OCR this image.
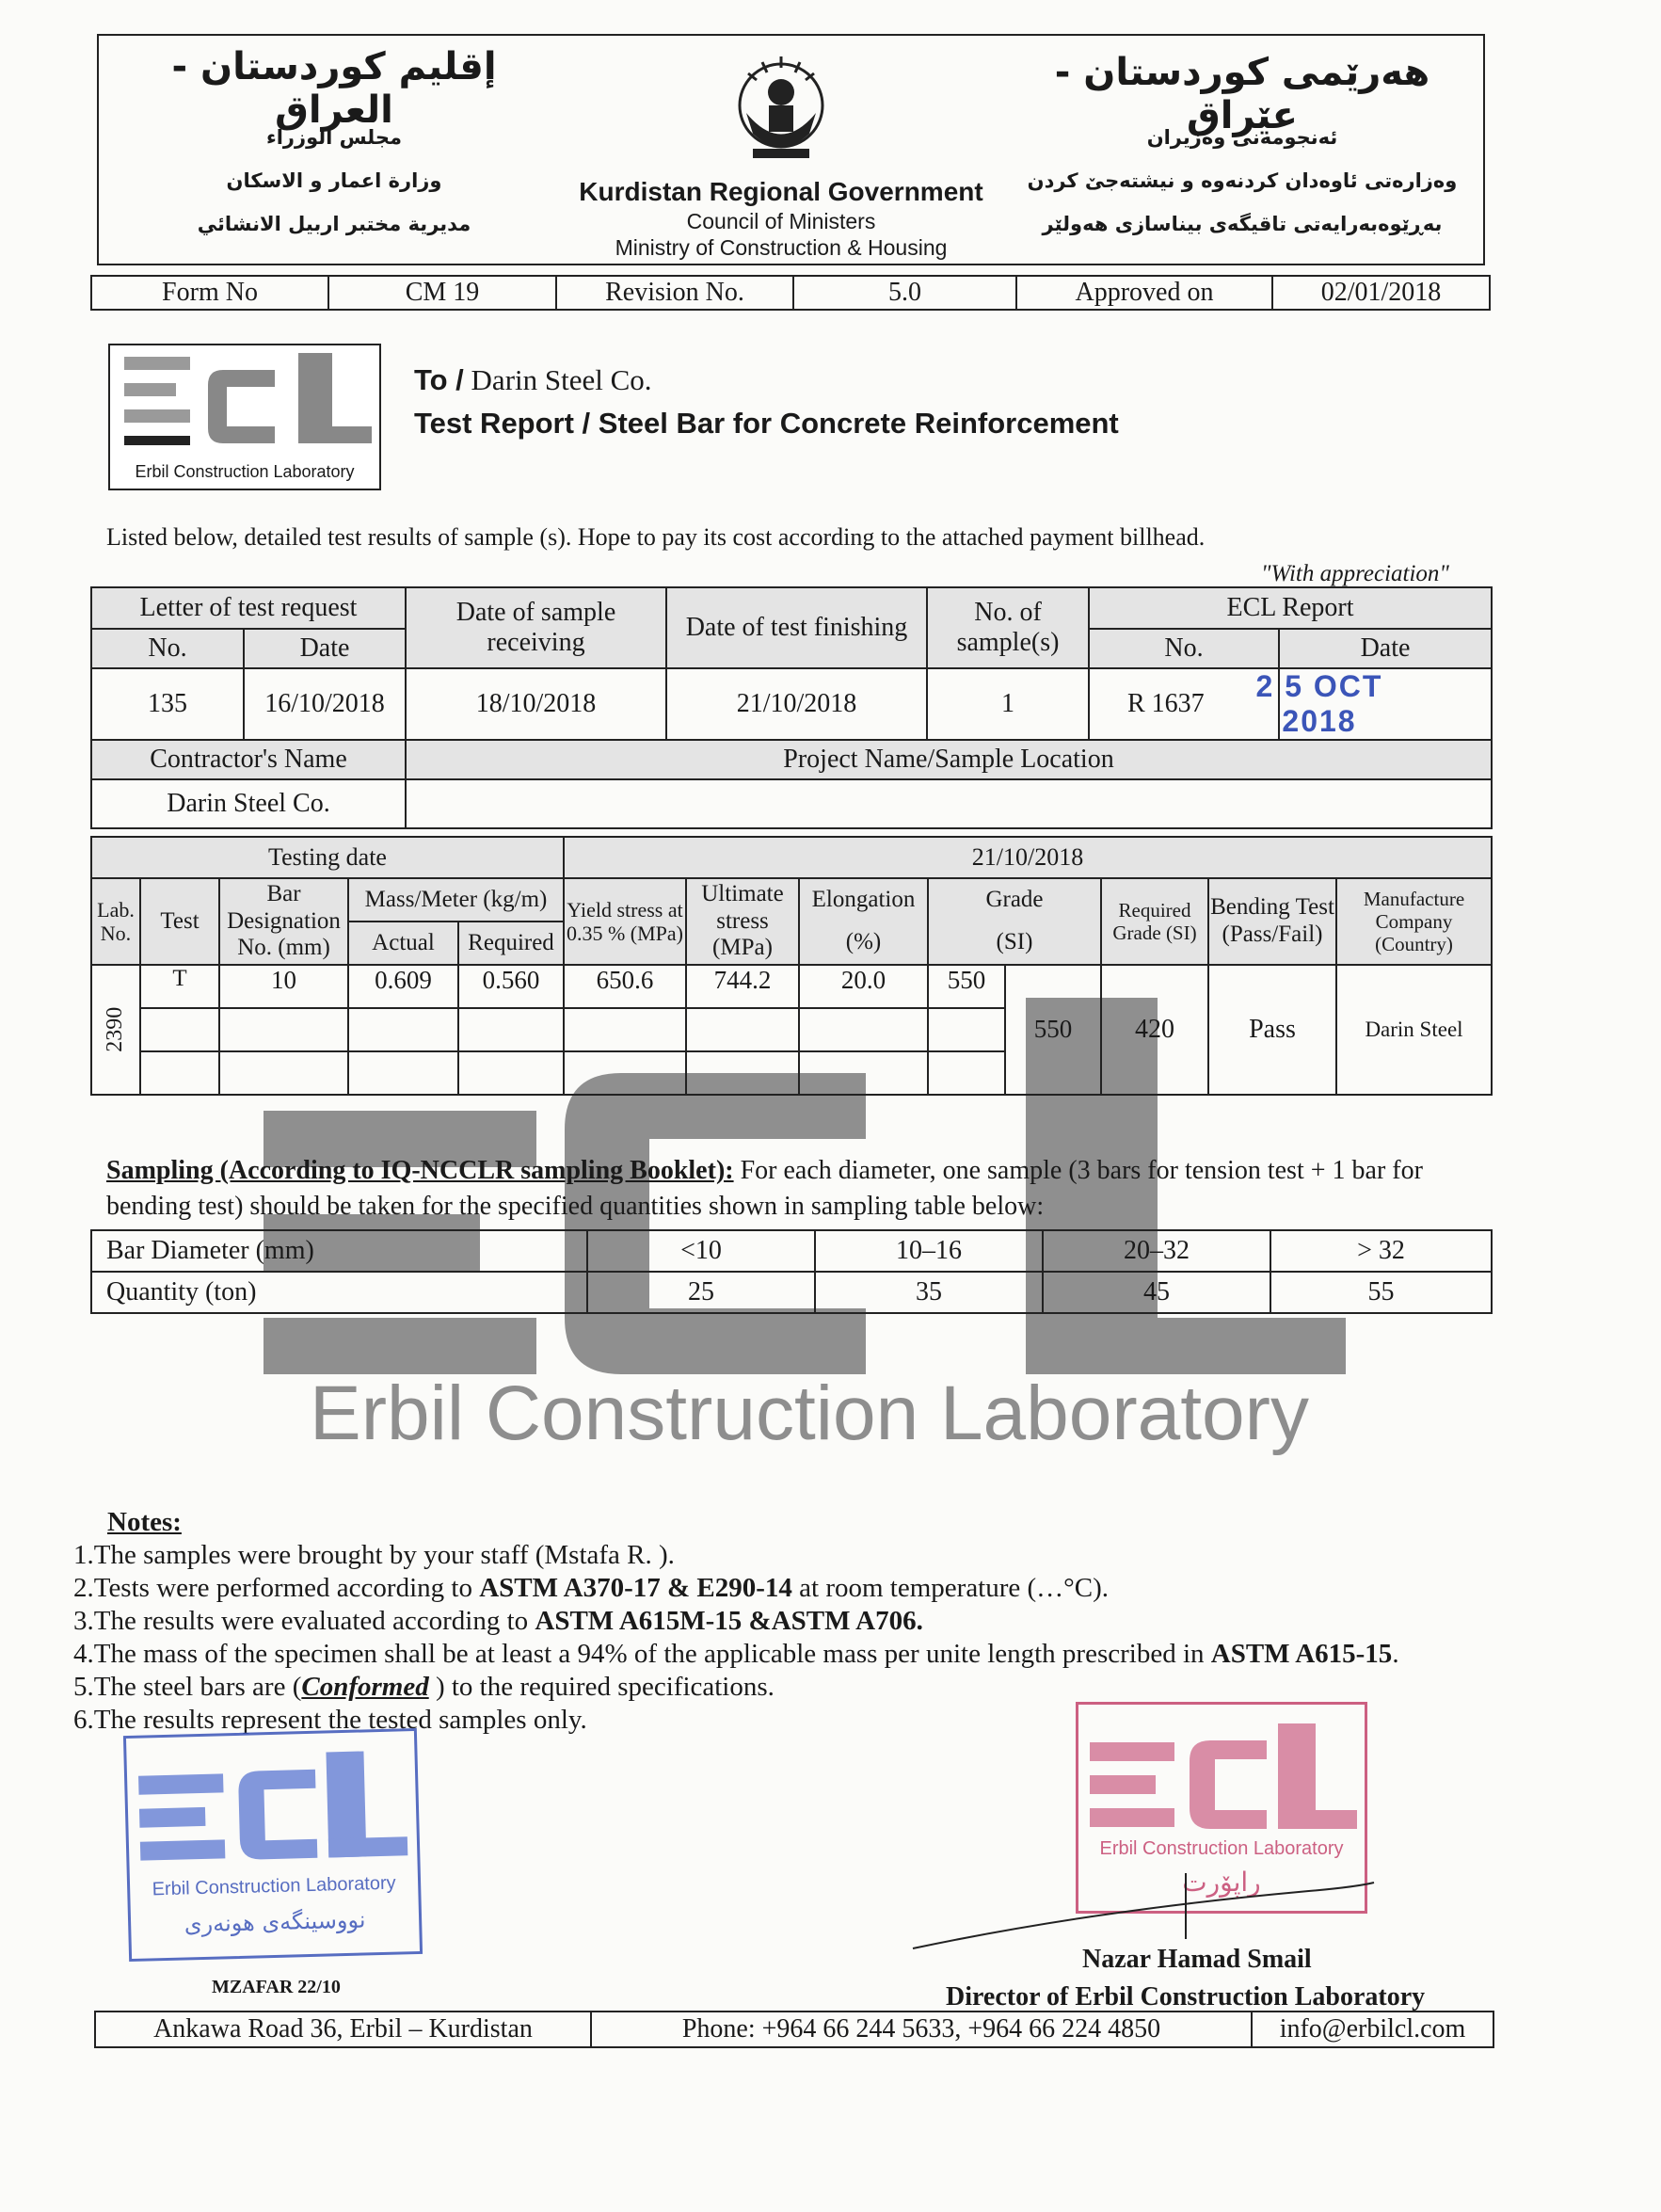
Erbil Construction Laboratory
إقليم كوردستان - العراق
مجلس الوزراء
وزارة اعمار و الاسكان
مديرية مختبر اربيل الانشائي
Kurdistan Regional Government
Council of Ministers
Ministry of Construction & Housing
هەرێمی کوردستان - عێراق
ئەنجومەنی وەزیران
وەزارەتی ئاوەدان کردنەوە و نیشتەجێ کردن
بەڕێوەبەرایەتی تاقیگەی بیناسازی هەولێر
Form No	CM 19	Revision No.	5.0	Approved on	02/01/2018
Erbil Construction Laboratory
To / Darin Steel Co.
Test Report / Steel Bar for Concrete Reinforcement
Listed below, detailed test results of sample (s). Hope to pay its cost according to the attached payment billhead.
"With appreciation"
Letter of test request		Date of sample receiving	Date of test finishing	No. of sample(s)	ECL Report	
No.	Date				No.	Date
135	16/10/2018	18/10/2018	21/10/2018	1	R 1637	2 5 OCT 2018
Contractor's Name		Project Name/Sample Location				
Darin Steel Co.						
Testing date					21/10/2018							
Lab. No.	Test	Bar Designation No. (mm)	Mass/Meter (kg/m)		Yield stress at 0.35 % (MPa)	Ultimate stress (MPa)	Elongation	Grade		Required Grade (SI)	Bending Test (Pass/Fail)	Manufacture Company (Country)
			Actual	Required			(%)	(SI)				

2390	T	10	0.609	0.560	650.6	744.2	20.0	550	550	420	Pass	Darin Steel

Sampling (According to IQ-NCCLR sampling Booklet): For each diameter, one sample (3 bars for tension test + 1 bar for bending test) should be taken for the specified quantities shown in sampling table below:
Bar Diameter (mm)	<10	10–16	20–32	> 32
Quantity (ton)	25	35	45	55

Notes:

1.The samples were brought by your staff (Mstafa R. ).

2.Tests were performed according to ASTM A370-17 & E290-14 at room temperature (…°C).

3.The results were evaluated according to ASTM A615M-15 &ASTM A706.

4.The mass of the specimen shall be at least a 94% of the applicable mass per unite length prescribed in ASTM A615-15.

5.The steel bars are (Conformed ) to the required specifications.

6.The results represent the tested samples only.

Erbil Construction Laboratory
نووسینگەی هونەری
Erbil Construction Laboratory
راپۆرت
MZAFAR 22/10
Nazar Hamad Smail
Director of Erbil Construction Laboratory
Ankawa Road 36, Erbil – Kurdistan	Phone: +964 66 244 5633, +964 66 224 4850	info@erbilcl.com
